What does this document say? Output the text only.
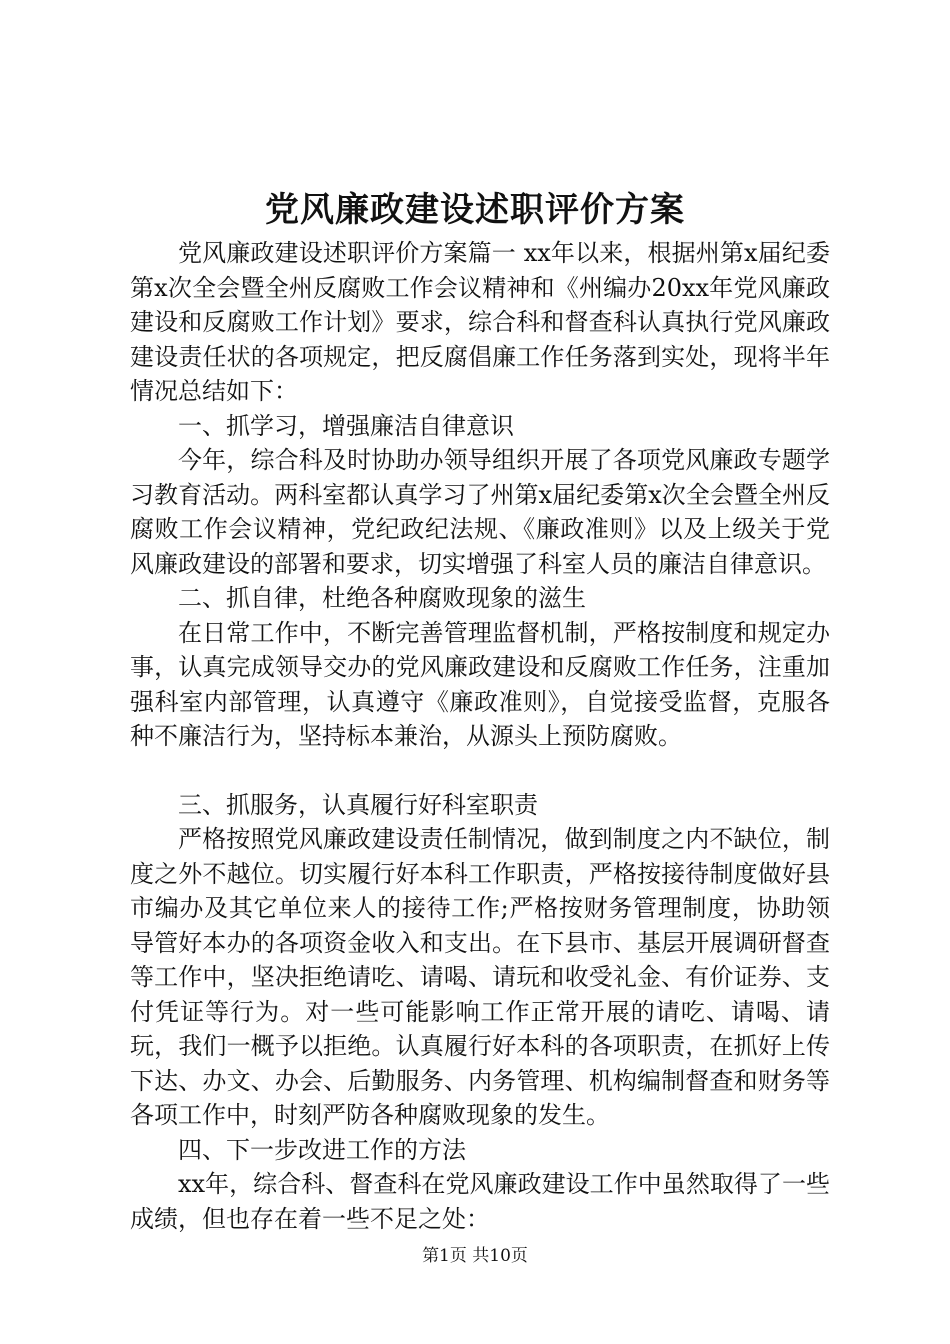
党风廉政建设述职评价方案

党风廉政建设述职评价方案篇一 xx年以来，根据州第x届纪委第x次全会暨全州反腐败工作会议精神和《州编办20xx年党风廉政建设和反腐败工作计划》要求，综合科和督查科认真执行党风廉政建设责任状的各项规定，把反腐倡廉工作任务落到实处，现将半年情况总结如下：

一、抓学习，增强廉洁自律意识

今年，综合科及时协助办领导组织开展了各项党风廉政专题学习教育活动。两科室都认真学习了州第x届纪委第x次全会暨全州反腐败工作会议精神，党纪政纪法规、《廉政准则》以及上级关于党风廉政建设的部署和要求，切实增强了科室人员的廉洁自律意识。

二、抓自律，杜绝各种腐败现象的滋生

在日常工作中，不断完善管理监督机制，严格按制度和规定办事，认真完成领导交办的党风廉政建设和反腐败工作任务，注重加强科室内部管理，认真遵守《廉政准则》，自觉接受监督，克服各种不廉洁行为，坚持标本兼治，从源头上预防腐败。

三、抓服务，认真履行好科室职责

严格按照党风廉政建设责任制情况，做到制度之内不缺位，制度之外不越位。切实履行好本科工作职责，严格按接待制度做好县市编办及其它单位来人的接待工作;严格按财务管理制度，协助领导管好本办的各项资金收入和支出。在下县市、基层开展调研督查等工作中，坚决拒绝请吃、请喝、请玩和收受礼金、有价证券、支付凭证等行为。对一些可能影响工作正常开展的请吃、请喝、请玩，我们一概予以拒绝。认真履行好本科的各项职责，在抓好上传下达、办文、办会、后勤服务、内务管理、机构编制督查和财务等各项工作中，时刻严防各种腐败现象的发生。

四、下一步改进工作的方法

xx年，综合科、督查科在党风廉政建设工作中虽然取得了一些成绩，但也存在着一些不足之处：

第1页 共10页
